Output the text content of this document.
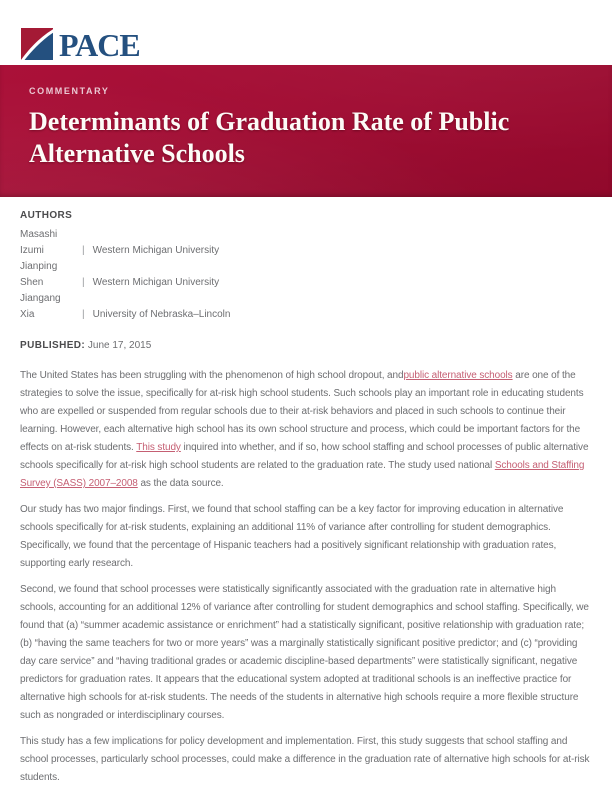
PACE
COMMENTARY
Determinants of Graduation Rate of Public
Alternative Schools
AUTHORS
Masashi
Izumi	| Western Michigan University
Jianping
Shen	| Western Michigan University
Jiangang
Xia	| University of Nebraska–Lincoln
PUBLISHED: June 17, 2015

The United States has been struggling with the phenomenon of high school dropout, andpublic alternative schools are one of the strategies to solve the issue, specifically for at-risk high school students. Such schools play an important role in educating students who are expelled or suspended from regular schools due to their at-risk behaviors and placed in such schools to continue their learning. However, each alternative high school has its own school structure and process, which could be important factors for the effects on at-risk students. This study inquired into whether, and if so, how school staffing and school processes of public alternative schools specifically for at-risk high school students are related to the graduation rate. The study used national Schools and Staffing Survey (SASS) 2007–2008 as the data source.

Our study has two major findings. First, we found that school staffing can be a key factor for improving education in alternative schools specifically for at-risk students, explaining an additional 11% of variance after controlling for student demographics. Specifically, we found that the percentage of Hispanic teachers had a positively significant relationship with graduation rates, supporting early research.

Second, we found that school processes were statistically significantly associated with the graduation rate in alternative high schools, accounting for an additional 12% of variance after controlling for student demographics and school staffing. Specifically, we found that (a) “summer academic assistance or enrichment” had a statistically significant, positive relationship with graduation rate; (b) “having the same teachers for two or more years” was a marginally statistically significant positive predictor; and (c) “providing day care service” and “having traditional grades or academic discipline-based departments” were statistically significant, negative predictors for graduation rates. It appears that the educational system adopted at traditional schools is an ineffective practice for alternative high schools for at-risk students. The needs of the students in alternative high schools require a more flexible structure such as nongraded or interdisciplinary courses.

This study has a few implications for policy development and implementation. First, this study suggests that school staffing and school processes, particularly school processes, could make a difference in the graduation rate of alternative high schools for at-risk students.
